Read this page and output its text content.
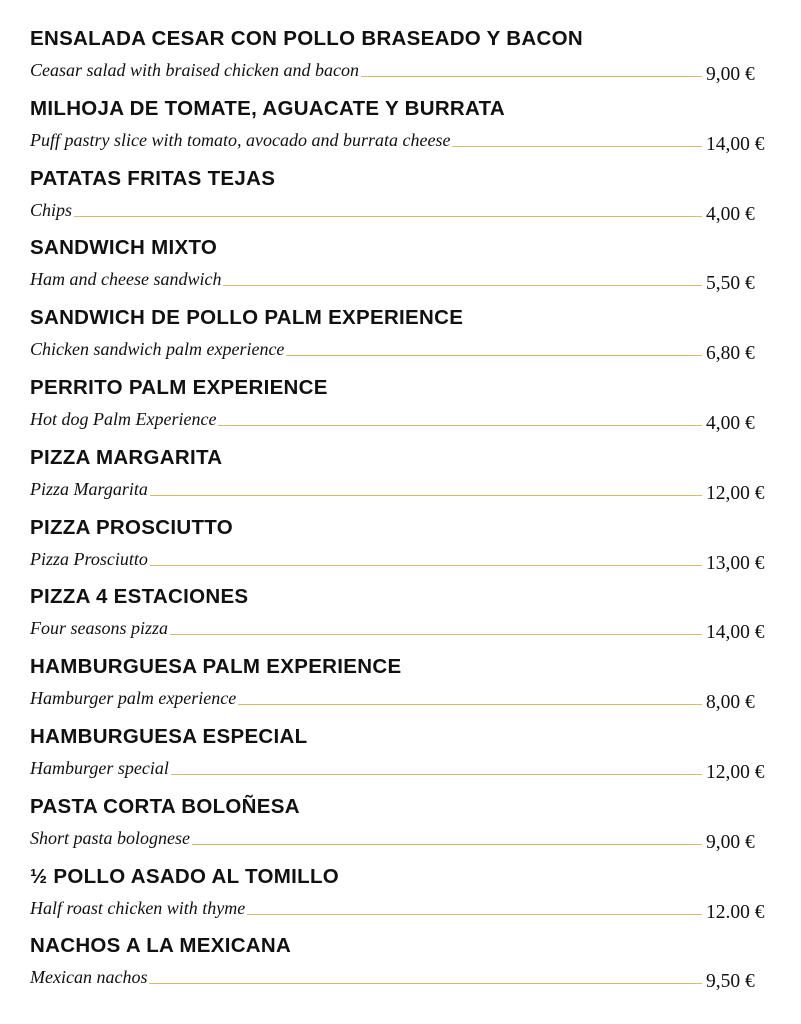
ENSALADA CESAR CON POLLO BRASEADO Y BACON
Ceasar salad with braised chicken and bacon	9,00 €
MILHOJA DE TOMATE, AGUACATE Y BURRATA
Puff pastry slice with tomato, avocado and burrata cheese	14,00 €
PATATAS FRITAS TEJAS
Chips	4,00 €
SANDWICH MIXTO
Ham and cheese sandwich	5,50 €
SANDWICH DE POLLO PALM EXPERIENCE
Chicken sandwich palm experience	6,80 €
PERRITO PALM EXPERIENCE
Hot dog Palm Experience	4,00 €
PIZZA MARGARITA
Pizza Margarita	12,00 €
PIZZA PROSCIUTTO
Pizza Prosciutto	13,00 €
PIZZA 4 ESTACIONES
Four seasons pizza	14,00 €
HAMBURGUESA PALM EXPERIENCE
Hamburger palm experience	8,00 €
HAMBURGUESA ESPECIAL
Hamburger special	12,00 €
PASTA CORTA BOLOÑESA
Short pasta bolognese	9,00 €
½ POLLO ASADO AL TOMILLO
Half roast chicken with thyme	12.00 €
NACHOS A LA MEXICANA
Mexican nachos	9,50 €
